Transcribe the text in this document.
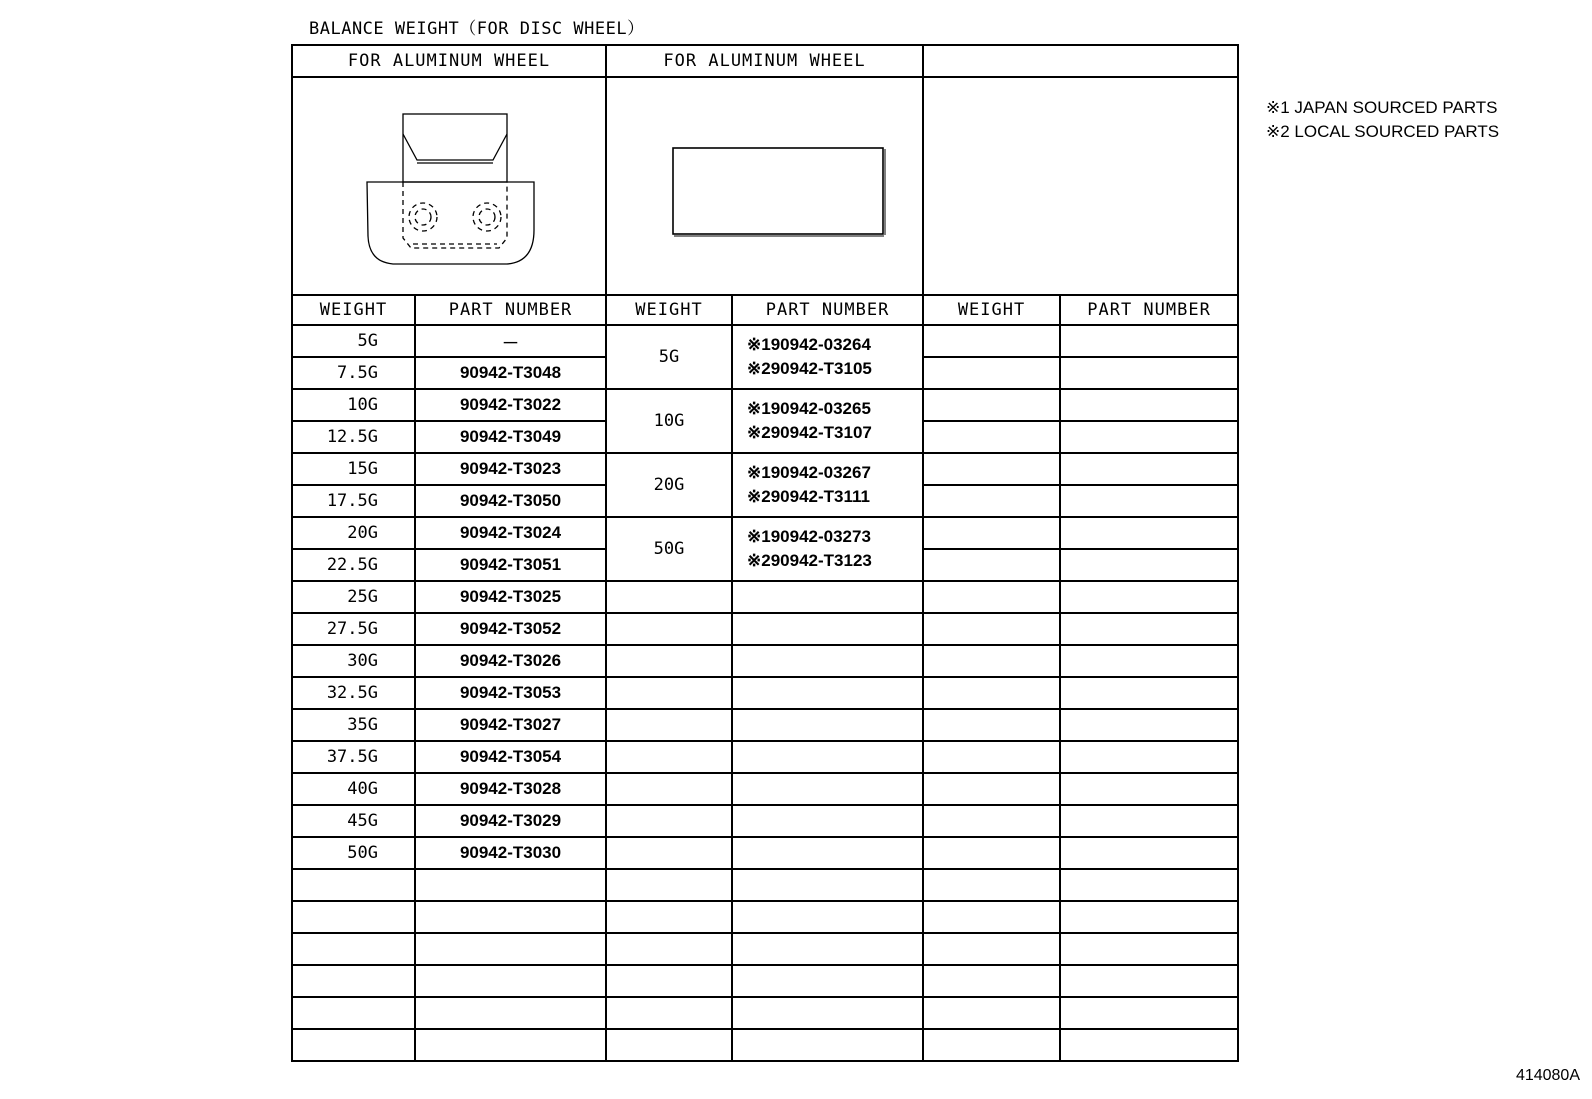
BALANCE WEIGHT（FOR DISC WHEEL）
※1 JAPAN SOURCED PARTS
※2 LOCAL SOURCED PARTS
414080A
FOR ALUMINUM WHEEL		FOR ALUMINUM WHEEL			

WEIGHT	PART NUMBER	WEIGHT	PART NUMBER	WEIGHT	PART NUMBER
5G	－	5G	※190942-03264
※290942-T3105		

7.5G	90942-T3048				
10G	90942-T3022	10G	※190942-03265
※290942-T3107		

12.5G	90942-T3049				
15G	90942-T3023	20G	※190942-03267
※290942-T3111		

17.5G	90942-T3050				
20G	90942-T3024	50G	※190942-03273
※290942-T3123		

22.5G	90942-T3051				
25G	90942-T3025				
27.5G	90942-T3052				
30G	90942-T3026				
32.5G	90942-T3053				
35G	90942-T3027				
37.5G	90942-T3054				
40G	90942-T3028				
45G	90942-T3029				
50G	90942-T3030				
